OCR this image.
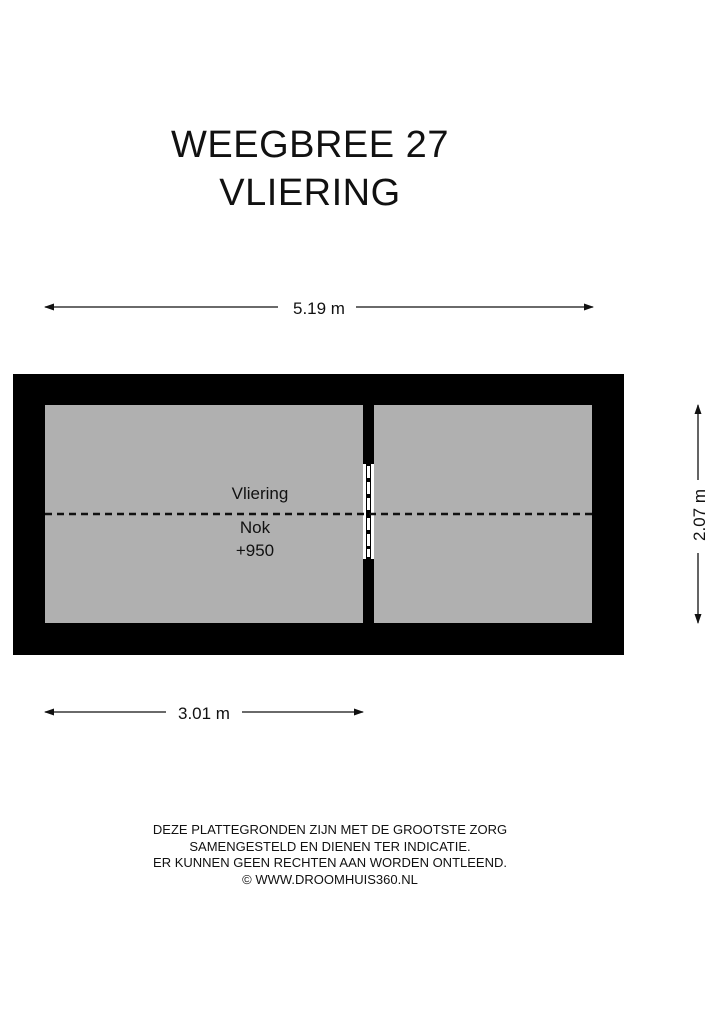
WEEGBREE 27
VLIERING
5.19 m
Vliering
Nok
+950
2.07 m
3.01 m
DEZE PLATTEGRONDEN ZIJN MET DE GROOTSTE ZORG
SAMENGESTELD EN DIENEN TER INDICATIE.
ER KUNNEN GEEN RECHTEN AAN WORDEN ONTLEEND.
© WWW.DROOMHUIS360.NL
